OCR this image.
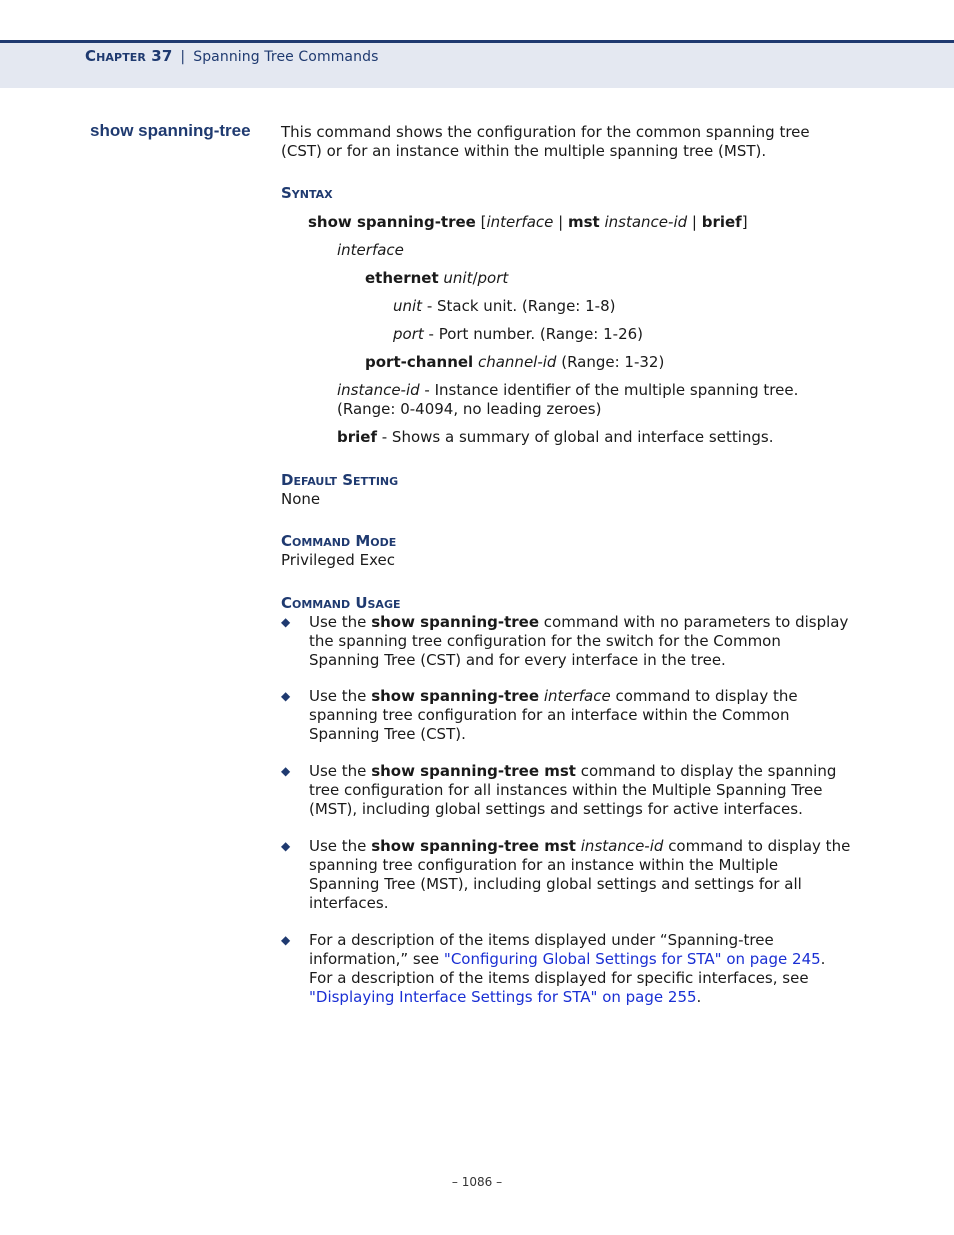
Chapter 37 | Spanning Tree Commands
show spanning-tree This command shows the configuration for the common spanning tree
(CST) or for an instance within the multiple spanning tree (MST).
Syntax
show spanning-tree [interface | mst instance-id | brief]
interface
ethernet unit/port
unit - Stack unit. (Range: 1-8)
port - Port number. (Range: 1-26)
port-channel channel-id (Range: 1-32)
instance-id - Instance identifier of the multiple spanning tree.
(Range: 0-4094, no leading zeroes)
brief - Shows a summary of global and interface settings.
Default Setting
None
Command Mode
Privileged Exec
Command Usage
◆ Use the show spanning-tree command with no parameters to display
the spanning tree configuration for the switch for the Common
Spanning Tree (CST) and for every interface in the tree.
◆ Use the show spanning-tree interface command to display the
spanning tree configuration for an interface within the Common
Spanning Tree (CST).
◆ Use the show spanning-tree mst command to display the spanning
tree configuration for all instances within the Multiple Spanning Tree
(MST), including global settings and settings for active interfaces.
◆ Use the show spanning-tree mst instance-id command to display the
spanning tree configuration for an instance within the Multiple
Spanning Tree (MST), including global settings and settings for all
interfaces.
◆ For a description of the items displayed under “Spanning-tree
information,” see "Configuring Global Settings for STA" on page 245.
For a description of the items displayed for specific interfaces, see
"Displaying Interface Settings for STA" on page 255.
– 1086 –
